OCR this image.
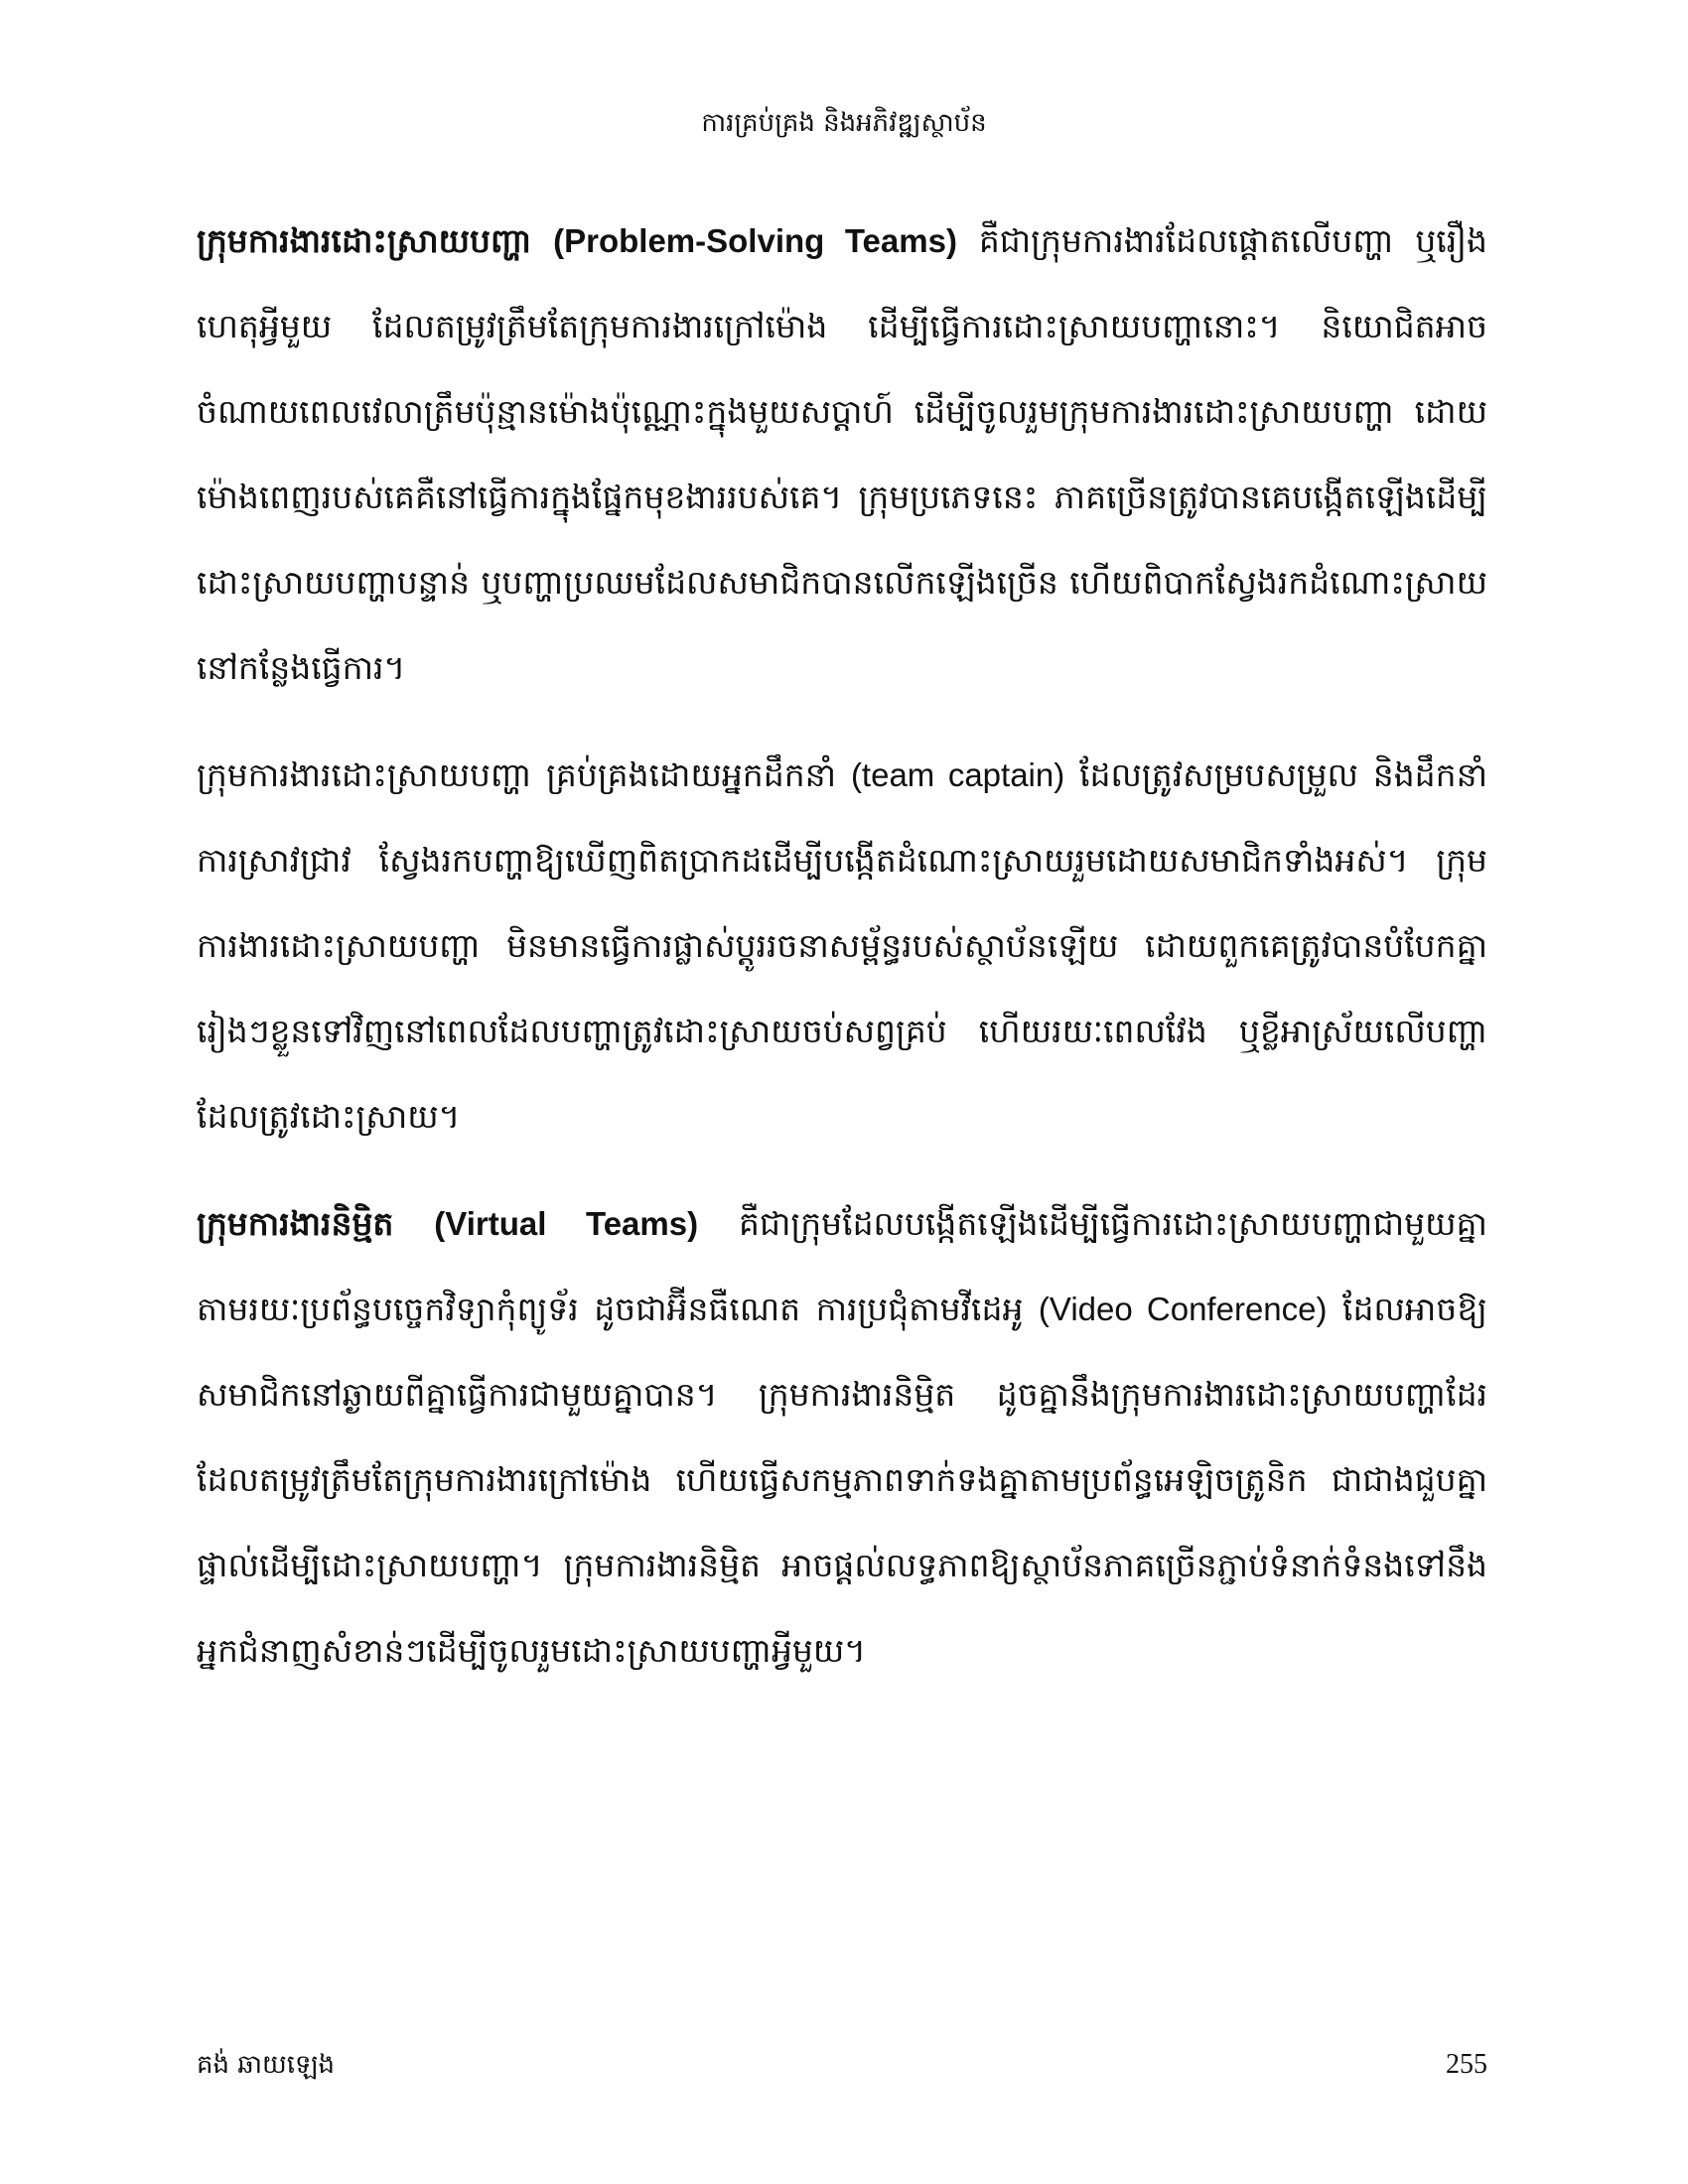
ការគ្រប់គ្រង និងអភិវឌ្ឍស្ថាប័ន

ក្រុមការងារដោះស្រាយបញ្ហា (Problem-Solving Teams) គឺជាក្រុមការងារដែលផ្តោតលើបញ្ហា ឬរឿងហេតុអ្វីមួយ ដែលតម្រូវត្រឹមតែក្រុមការងារក្រៅម៉ោង ដើម្បីធ្វើការដោះស្រាយបញ្ហានោះ។ និយោជិតអាចចំណាយពេលវេលាត្រឹមប៉ុន្មានម៉ោងប៉ុណ្ណោះក្នុងមួយសប្តាហ៍ ដើម្បីចូលរួមក្រុមការងារដោះស្រាយបញ្ហា ដោយម៉ោងពេញរបស់គេគឺនៅធ្វើការក្នុងផ្នែកមុខងាររបស់គេ។ ក្រុមប្រភេទនេះ ភាគច្រើនត្រូវបានគេបង្កើតឡើងដើម្បីដោះស្រាយបញ្ហាបន្ទាន់ ឬបញ្ហាប្រឈមដែលសមាជិកបានលើកឡើងច្រើន ហើយពិបាកស្វែងរកដំណោះស្រាយនៅកន្លែងធ្វើការ។

ក្រុមការងារដោះស្រាយបញ្ហា គ្រប់គ្រងដោយអ្នកដឹកនាំ (team captain) ដែលត្រូវសម្របសម្រួល និងដឹកនាំការស្រាវជ្រាវ ស្វែងរកបញ្ហាឱ្យឃើញពិតប្រាកដដើម្បីបង្កើតដំណោះស្រាយរួមដោយសមាជិកទាំងអស់។ ក្រុមការងារដោះស្រាយបញ្ហា មិនមានធ្វើការផ្លាស់ប្តូររចនាសម្ព័ន្ធរបស់ស្ថាប័នឡើយ ដោយពួកគេត្រូវបានបំបែកគ្នារៀងៗខ្លួនទៅវិញនៅពេលដែលបញ្ហាត្រូវដោះស្រាយចប់សព្វគ្រប់ ហើយរយៈពេលវែង ឬខ្លីអាស្រ័យលើបញ្ហាដែលត្រូវដោះស្រាយ។

ក្រុមការងារនិម្មិត (Virtual Teams) គឺជាក្រុមដែលបង្កើតឡើងដើម្បីធ្វើការដោះស្រាយបញ្ហាជាមួយគ្នាតាមរយៈប្រព័ន្ធបច្ចេកវិទ្យាកុំព្យូទ័រ ដូចជាអ៊ីនធឺណេត ការប្រជុំតាមវីដេអូ (Video Conference) ដែលអាចឱ្យសមាជិកនៅឆ្ងាយពីគ្នាធ្វើការជាមួយគ្នាបាន។ ក្រុមការងារនិម្មិត ដូចគ្នានឹងក្រុមការងារដោះស្រាយបញ្ហាដែរ ដែលតម្រូវត្រឹមតែក្រុមការងារក្រៅម៉ោង ហើយធ្វើសកម្មភាពទាក់ទងគ្នាតាមប្រព័ន្ធអេឡិចត្រូនិក ជាជាងជួបគ្នាផ្ទាល់ដើម្បីដោះស្រាយបញ្ហា។ ក្រុមការងារនិម្មិត អាចផ្តល់លទ្ធភាពឱ្យស្ថាប័នភាគច្រើនភ្ជាប់ទំនាក់ទំនងទៅនឹងអ្នកជំនាញសំខាន់ៗដើម្បីចូលរួមដោះស្រាយបញ្ហាអ្វីមួយ។

គង់ ឆាយឡេង	255
